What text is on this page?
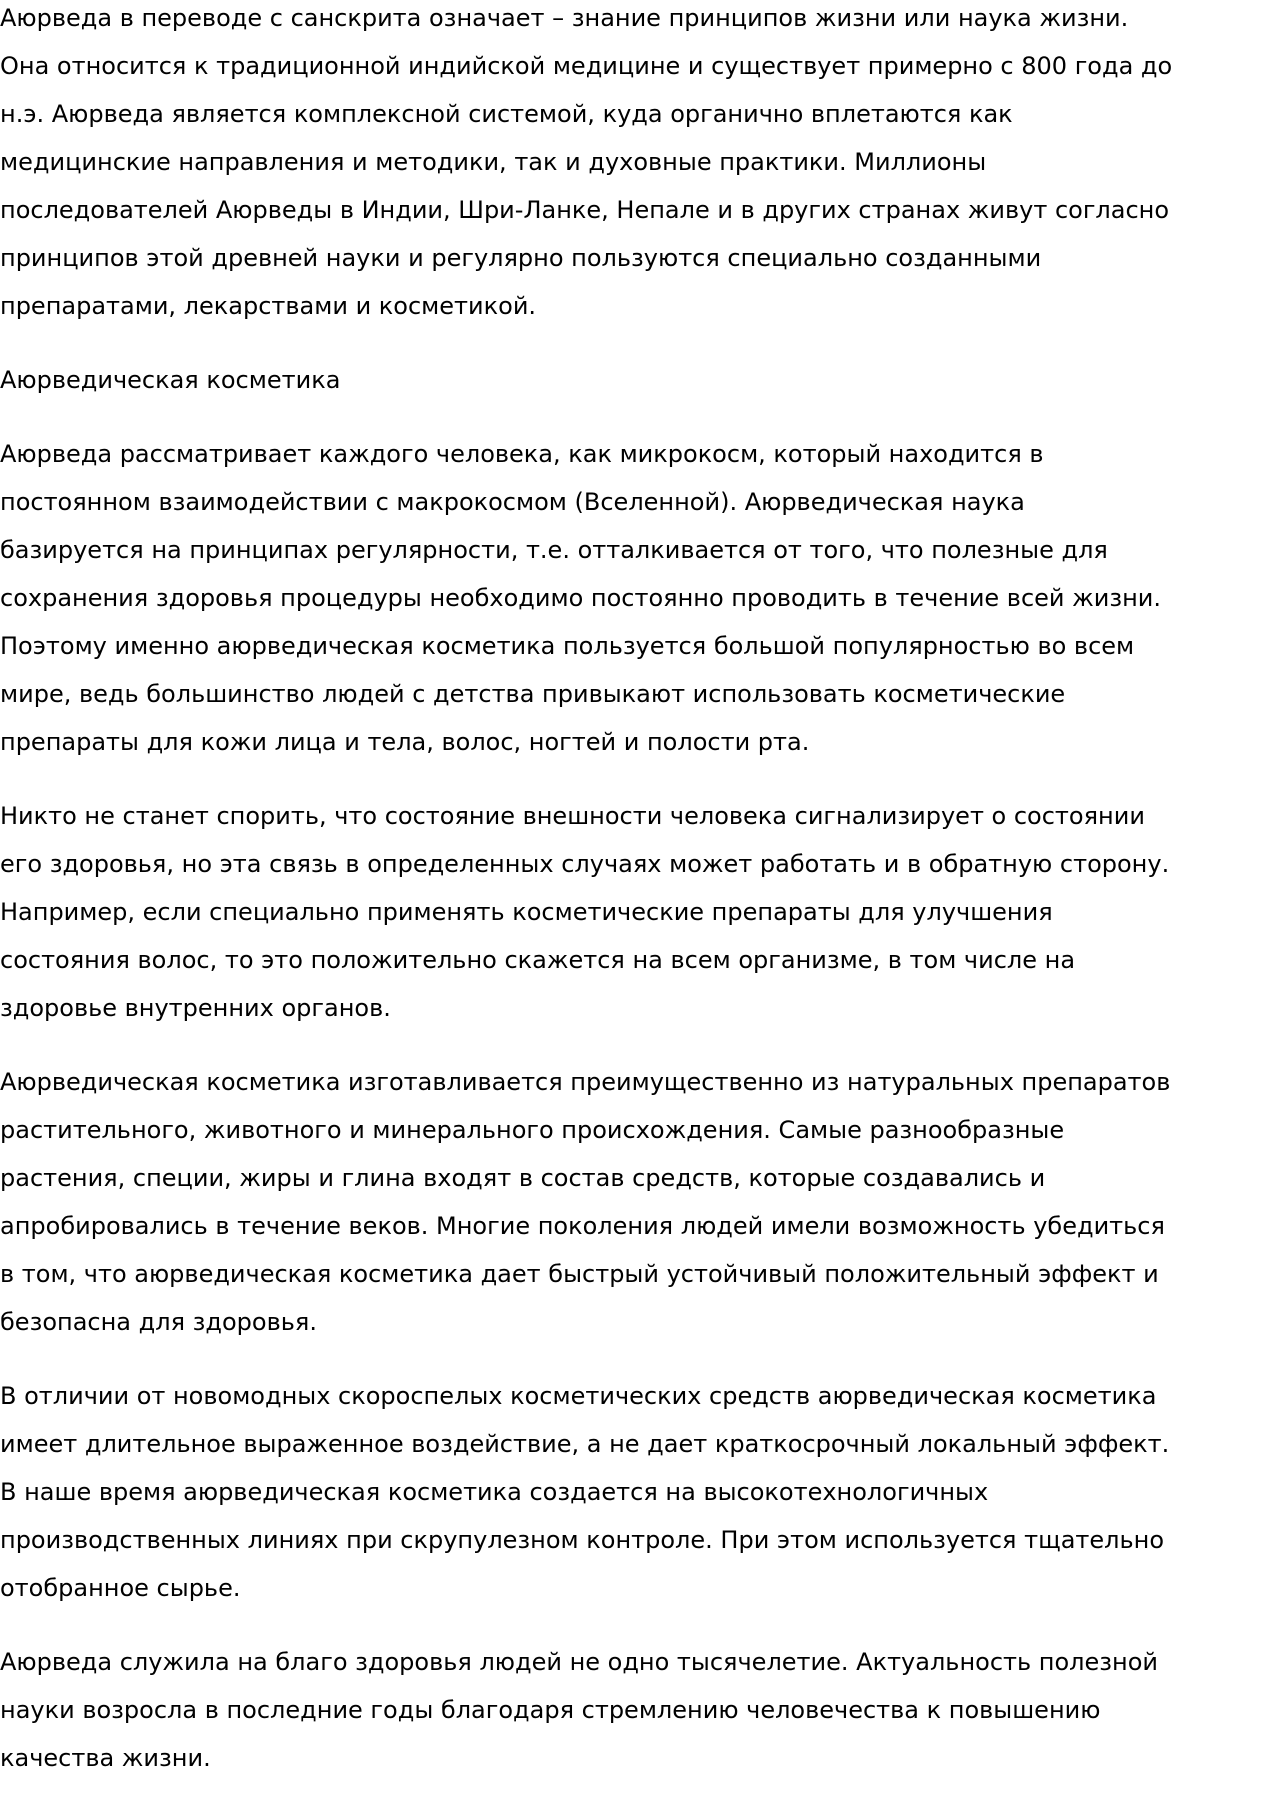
Аюрведа в переводе с санскрита означает – знание принципов жизни или наука жизни.
Она относится к традиционной индийской медицине и существует примерно с 800 года до
н.э. Аюрведа является комплексной системой, куда органично вплетаются как
медицинские направления и методики, так и духовные практики. Миллионы
последователей Аюрведы в Индии, Шри-Ланке, Непале и в других странах живут согласно
принципов этой древней науки и регулярно пользуются специально созданными
препаратами, лекарствами и косметикой.

Аюрведическая косметика

Аюрведа рассматривает каждого человека, как микрокосм, который находится в
постоянном взаимодействии с макрокосмом (Вселенной). Аюрведическая наука
базируется на принципах регулярности, т.е. отталкивается от того, что полезные для
сохранения здоровья процедуры необходимо постоянно проводить в течение всей жизни.
Поэтому именно аюрведическая косметика пользуется большой популярностью во всем
мире, ведь большинство людей с детства привыкают использовать косметические
препараты для кожи лица и тела, волос, ногтей и полости рта.

Никто не станет спорить, что состояние внешности человека сигнализирует о состоянии
его здоровья, но эта связь в определенных случаях может работать и в обратную сторону.
Например, если специально применять косметические препараты для улучшения
состояния волос, то это положительно скажется на всем организме, в том числе на
здоровье внутренних органов.

Аюрведическая косметика изготавливается преимущественно из натуральных препаратов
растительного, животного и минерального происхождения. Самые разнообразные
растения, специи, жиры и глина входят в состав средств, которые создавались и
апробировались в течение веков. Многие поколения людей имели возможность убедиться
в том, что аюрведическая косметика дает быстрый устойчивый положительный эффект и
безопасна для здоровья.

В отличии от новомодных скороспелых косметических средств аюрведическая косметика
имеет длительное выраженное воздействие, а не дает краткосрочный локальный эффект.
В наше время аюрведическая косметика создается на высокотехнологичных
производственных линиях при скрупулезном контроле. При этом используется тщательно
отобранное сырье.

Аюрведа служила на благо здоровья людей не одно тысячелетие. Актуальность полезной
науки возросла в последние годы благодаря стремлению человечества к повышению
качества жизни.
